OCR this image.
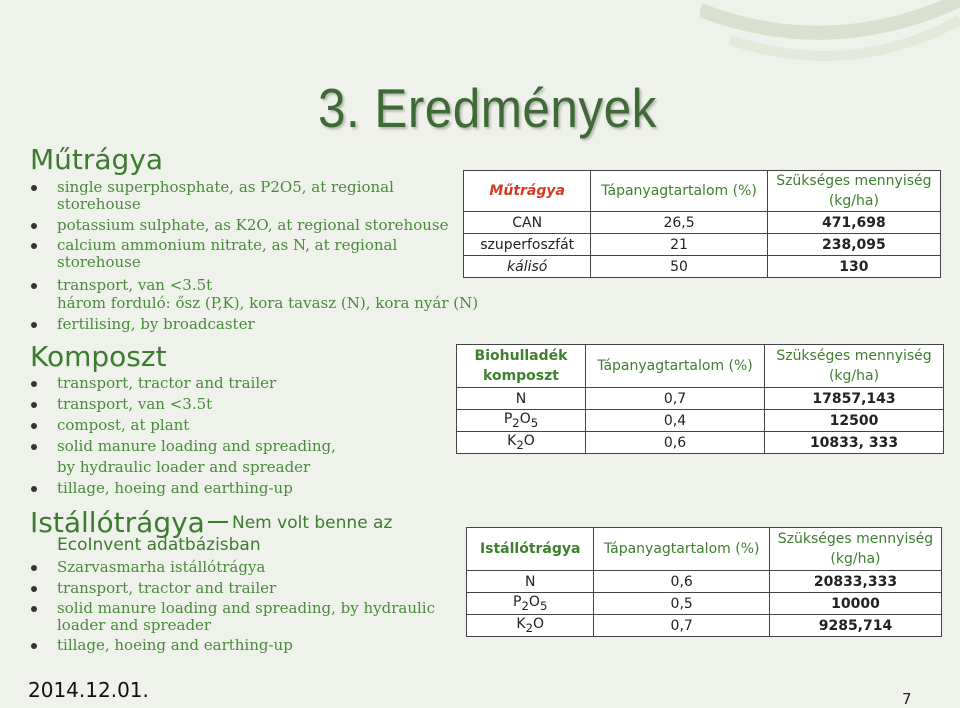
3. Eredmények
Műtrágya
single superphosphate, as P2O5, at regional
storehouse
potassium sulphate, as K2O, at regional storehouse
calcium ammonium nitrate, as N, at regional
storehouse
transport, van <3.5t
három forduló: ősz (P,K), kora tavasz (N), kora nyár (N)
fertilising, by broadcaster
Komposzt
transport, tractor and trailer
transport, van <3.5t
compost, at plant
solid manure loading and spreading,
by hydraulic loader and spreader
tillage, hoeing and earthing-up
Istállótrágya Nem volt benne az
EcoInvent adatbázisban
Szarvasmarha istállótrágya
transport, tractor and trailer
solid manure loading and spreading, by hydraulic
loader and spreader
tillage, hoeing and earthing-up
Műtrágya	Tápanyagtartalom (%)	Szükséges mennyiség
(kg/ha)
CAN	26,5	471,698
szuperfoszfát	21	238,095
kálisó	50	130
Biohulladék
komposzt	Tápanyagtartalom (%)	Szükséges mennyiség
(kg/ha)
N	0,7	17857,143
$P_2O_5$	0,4	12500
$K_2O$	0,6	10833, 333
Istállótrágya	Tápanyagtartalom (%)	Szükséges mennyiség
(kg/ha)
N	0,6	20833,333
$P_2O_5$	0,5	10000
$K_2O$	0,7	9285,714
2014.12.01.	7
